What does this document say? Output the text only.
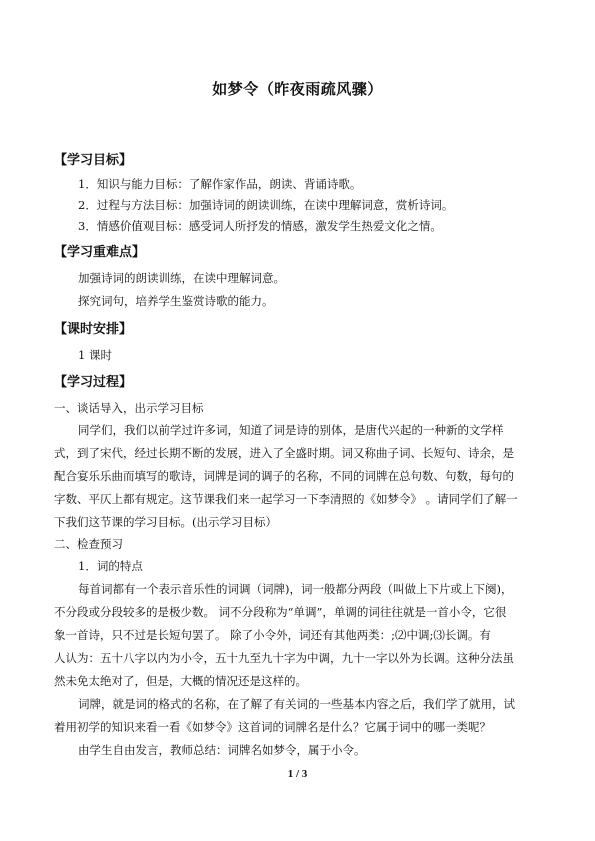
如梦令（昨夜雨疏风骤）
【学习目标】
1．知识与能力目标：了解作家作品，朗读、背诵诗歌。
2．过程与方法目标：加强诗词的朗读训练，在读中理解词意，赏析诗词。
3．情感价值观目标：感受词人所抒发的情感，激发学生热爱文化之情。
【学习重难点】
加强诗词的朗读训练，在读中理解词意。
探究词句，培养学生鉴赏诗歌的能力。
【课时安排】
1 课时
【学习过程】
一、谈话导入，出示学习目标
同学们，我们以前学过许多词，知道了词是诗的别体，是唐代兴起的一种新的文学样
式，到了宋代，经过长期不断的发展，进入了全盛时期。词又称曲子词、长短句、诗余，是
配合宴乐乐曲而填写的歌诗，词牌是词的调子的名称，不同的词牌在总句数、句数，每句的
字数、平仄上都有规定。这节课我们来一起学习一下李清照的《如梦令》 。请同学们了解一
下我们这节课的学习目标。(出示学习目标）
二、检查预习
1．词的特点
每首词都有一个表示音乐性的词调（词牌)，词一般都分两段（叫做上下片或上下阕)，
不分段或分段较多的是极少数。 词不分段称为“单调”，单调的词往往就是一首小令，它很
象一首诗，只不过是长短句罢了。 除了小令外，词还有其他两类：;⑵中调;⑶长调。有
人认为：五十八字以内为小令，五十九至九十字为中调，九十一字以外为长调。这种分法虽
然未免太绝对了，但是，大概的情况还是这样的。
词牌，就是词的格式的名称，在了解了有关词的一些基本内容之后，我们学了就用，试
着用初学的知识来看一看《如梦令》这首词的词牌名是什么？它属于词中的哪一类呢？
由学生自由发言，教师总结：词牌名如梦令，属于小令。
1 / 3
